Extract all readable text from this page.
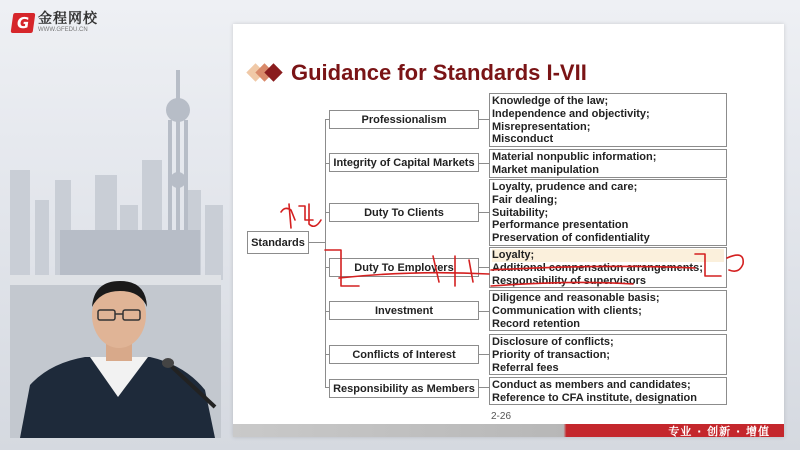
G 金程网校
WWW.GFEDU.CN
Guidance for Standards I-VII
Standards
Professionalism
Integrity of Capital Markets
Duty To Clients
Duty To Employers
Investment
Conflicts of Interest
Responsibility as Members
Knowledge of the law;
Independence and objectivity;
Misrepresentation;
Misconduct
Material nonpublic information;
Market manipulation
Loyalty, prudence and care;
Fair dealing;
Suitability;
Performance presentation
Preservation of confidentiality
Loyalty;
Additional compensation arrangements;
Responsibility of supervisors
Diligence and reasonable basis;
Communication with clients;
Record retention
Disclosure of conflicts;
Priority of transaction;
Referral fees
Conduct as members and candidates;
Reference to CFA institute, designation
2-26
专业 · 创新 · 增值
